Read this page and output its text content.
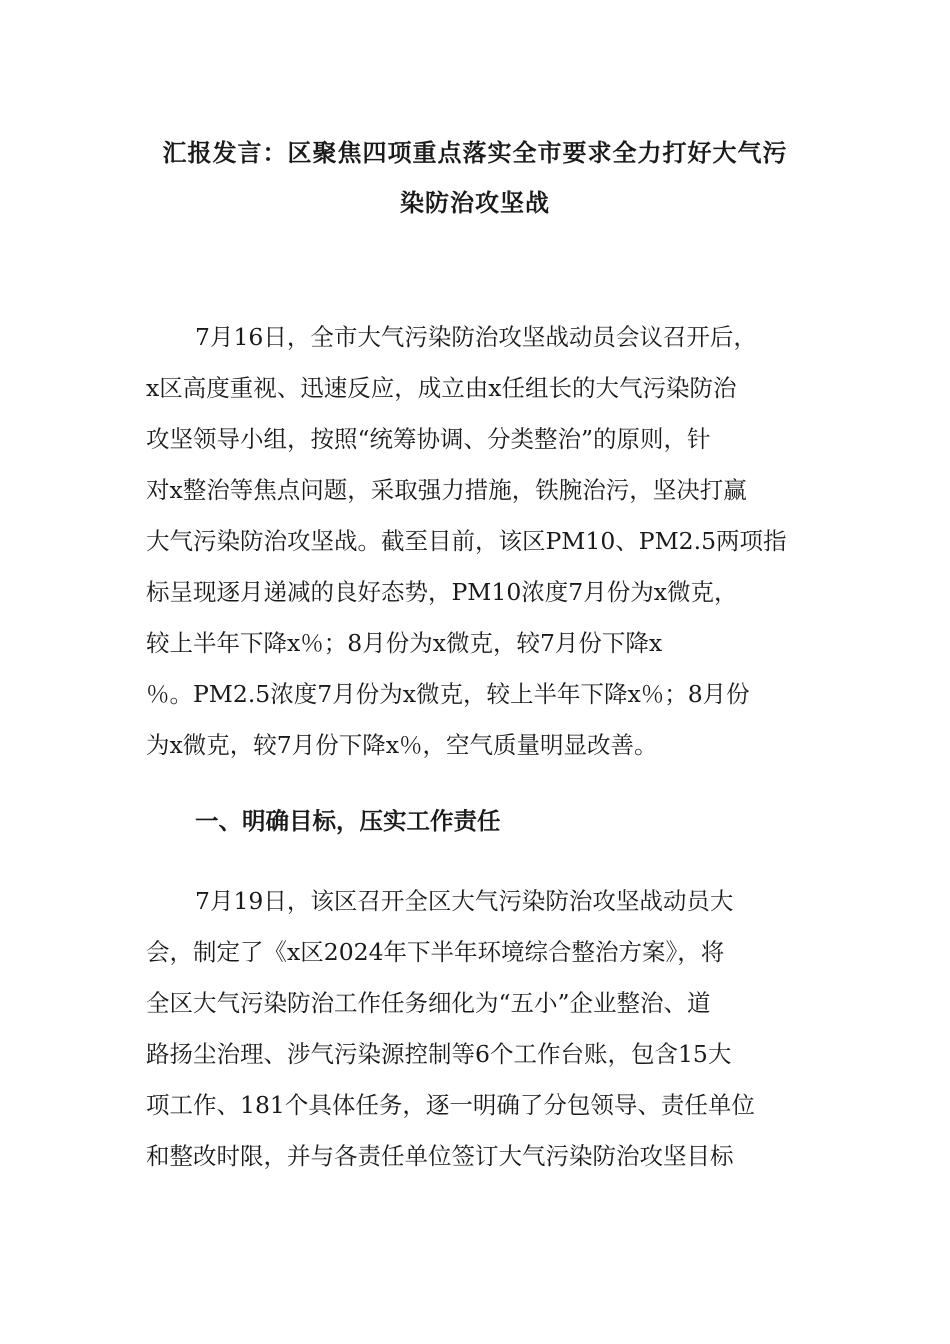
汇报发言：区聚焦四项重点落实全市要求全力打好大气污
染防治攻坚战

7月16日，全市大气污染防治攻坚战动员会议召开后，
x区高度重视、迅速反应，成立由x任组长的大气污染防治
攻坚领导小组，按照“统筹协调、分类整治”的原则，针
对x整治等焦点问题，采取强力措施，铁腕治污，坚决打赢
大气污染防治攻坚战。截至目前，该区PM10、PM2.5两项指
标呈现逐月递减的良好态势，PM10浓度7月份为x微克，
较上半年下降x％；8月份为x微克，较7月份下降x
％。PM2.5浓度7月份为x微克，较上半年下降x％；8月份
为x微克，较7月份下降x％，空气质量明显改善。

一、明确目标，压实工作责任

7月19日，该区召开全区大气污染防治攻坚战动员大
会，制定了《x区2024年下半年环境综合整治方案》，将
全区大气污染防治工作任务细化为“五小”企业整治、道
路扬尘治理、涉气污染源控制等6个工作台账，包含15大
项工作、181个具体任务，逐一明确了分包领导、责任单位
和整改时限，并与各责任单位签订大气污染防治攻坚目标
